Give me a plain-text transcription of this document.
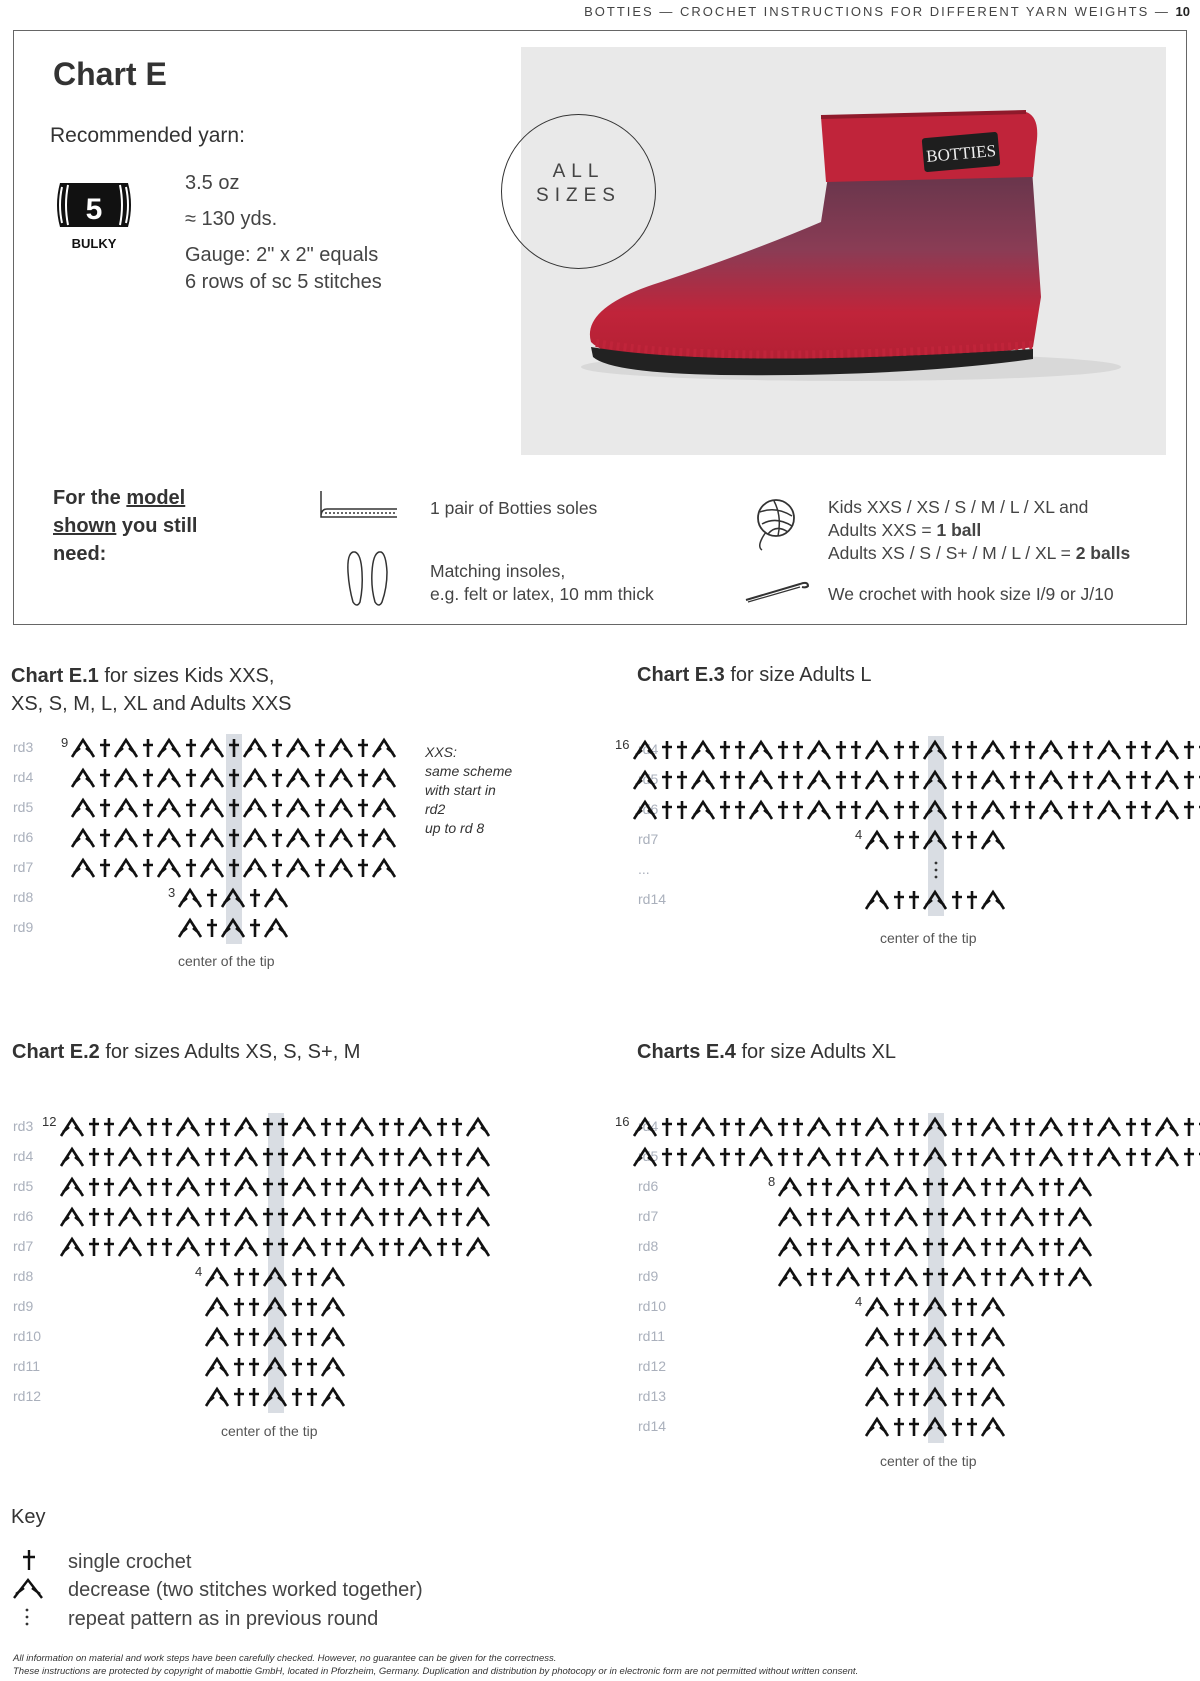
BOTTIES — CROCHET INSTRUCTIONS FOR DIFFERENT YARN WEIGHTS — 10
Chart E
Recommended yarn:
5
BULKY
3.5 oz
≈ 130 yds.
Gauge: 2" x 2" equals
6 rows of sc 5 stitches
BOTTIES
ALL
SIZES
For the model
shown you still
need:
1 pair of Botties soles
Matching insoles,
e.g. felt or latex, 10 mm thick
Kids XXS / XS / S / M / L / XL and
Adults XXS = 1 ball
Adults XS / S / S+ / M / L / XL = 2 balls
We crochet with hook size I/9 or J/10
Chart E.1 for sizes Kids XXS,
XS, S, M, L, XL and Adults XXS
Chart E.3 for size Adults L
Chart E.2 for sizes Adults XS, S, S+, M	Charts E.4 for size Adults XL
rd3 9
rd4
rd5
rd6
rd7
rd8	3
rd9
rd3 12
rd4
rd5
rd6
rd7
rd8	4
rd9
rd10
rd11
rd12
rd4
16
rd5
rd6
rd7	4
...
rd14
rd4
16
rd5
rd6	8
rd7
rd8
rd9
rd10	4
rd11
rd12
rd13
rd14
center of the tip
center of the tip
center of the tip
center of the tip
XXS:
same scheme
with start in
rd2
up to rd 8
Key
single crochet
decrease (two stitches worked together)
repeat pattern as in previous round
All information on material and work steps have been carefully checked. However, no guarantee can be given for the correctness.
These instructions are protected by copyright of mabottie GmbH, located in Pforzheim, Germany. Duplication and distribution by photocopy or in electronic form are not permitted without written consent.
